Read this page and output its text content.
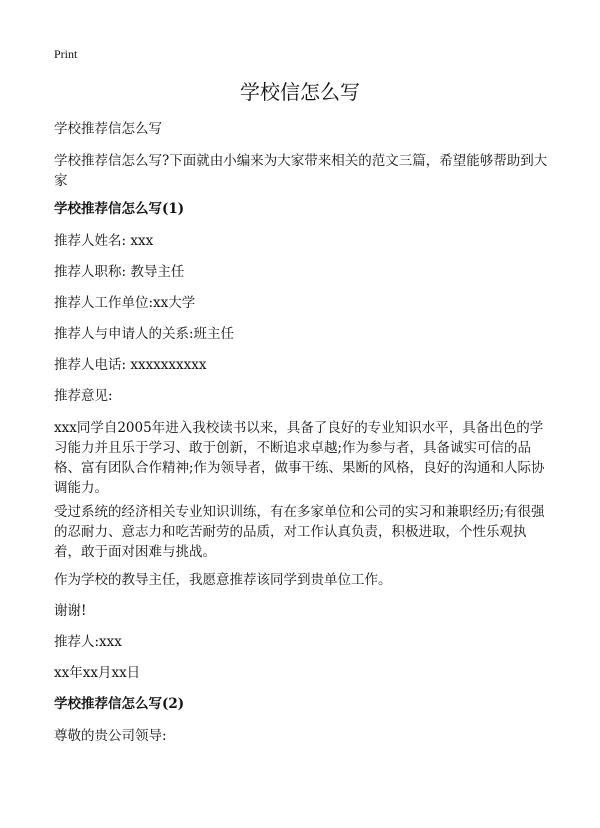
Print
学校信怎么写

学校推荐信怎么写

学校推荐信怎么写?下面就由小编来为大家带来相关的范文三篇，希望能够帮助到大家

学校推荐信怎么写(1)

推荐人姓名: xxx

推荐人职称: 教导主任

推荐人工作单位:xx大学

推荐人与申请人的关系:班主任

推荐人电话: xxxxxxxxxx

推荐意见:

xxx同学自2005年进入我校读书以来，具备了良好的专业知识水平，具备出色的学习能力并且乐于学习、敢于创新，不断追求卓越;作为参与者，具备诚实可信的品格、富有团队合作精神;作为领导者，做事干练、果断的风格，良好的沟通和人际协调能力。

受过系统的经济相关专业知识训练，有在多家单位和公司的实习和兼职经历;有很强的忍耐力、意志力和吃苦耐劳的品质，对工作认真负责，积极进取，个性乐观执着，敢于面对困难与挑战。

作为学校的教导主任，我愿意推荐该同学到贵单位工作。

谢谢!

推荐人:xxx

xx年xx月xx日

学校推荐信怎么写(2)

尊敬的贵公司领导:
